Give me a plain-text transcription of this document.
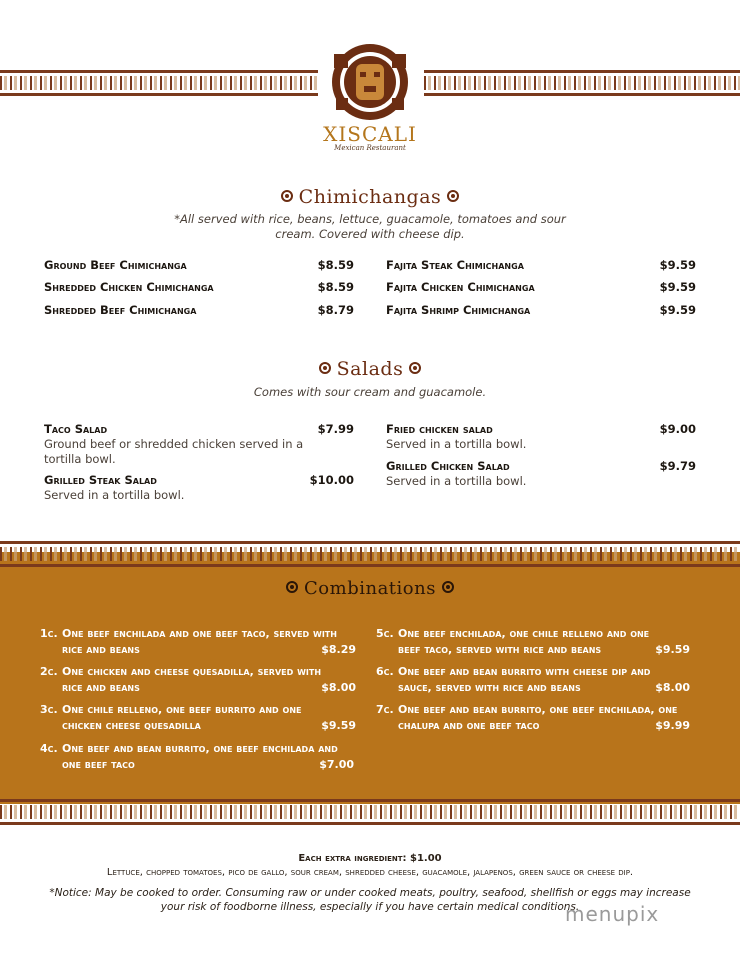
XISCALI
Mexican Restaurant
Chimichangas
*All served with rice, beans, lettuce, guacamole, tomatoes and sour cream. Covered with cheese dip.
Ground Beef Chimichanga	$8.59
Shredded Chicken Chimichanga	$8.59
Shredded Beef Chimichanga	$8.79
Fajita Steak Chimichanga	$9.59
Fajita Chicken Chimichanga	$9.59
Fajita Shrimp Chimichanga	$9.59
Salads
Comes with sour cream and guacamole.
Taco Salad	$7.99
Ground beef or shredded chicken served in a tortilla bowl.
Grilled Steak Salad	$10.00
Served in a tortilla bowl.
Fried chicken salad	$9.00
Served in a tortilla bowl.
Grilled Chicken Salad	$9.79
Served in a tortilla bowl.
Combinations
1c. One beef enchilada and one beef taco, served with rice and beans	$8.29
2c. One chicken and cheese quesadilla, served with rice and beans	$8.00
3c. One chile relleno, one beef burrito and one chicken cheese quesadilla	$9.59
4c. One beef and bean burrito, one beef enchilada and one beef taco	$7.00
5c. One beef enchilada, one chile relleno and one beef taco, served with rice and beans	$9.59
6c. One beef and bean burrito with cheese dip and sauce, served with rice and beans	$8.00
7c. One beef and bean burrito, one beef enchilada, one chalupa and one beef taco	$9.99
Each extra ingredient: $1.00
Lettuce, chopped tomatoes, pico de gallo, sour cream, shredded cheese, guacamole, jalapenos, green sauce or cheese dip.
*Notice: May be cooked to order. Consuming raw or under cooked meats, poultry, seafood, shellfish or eggs may increase your risk of foodborne illness, especially if you have certain medical conditions.
menupix
